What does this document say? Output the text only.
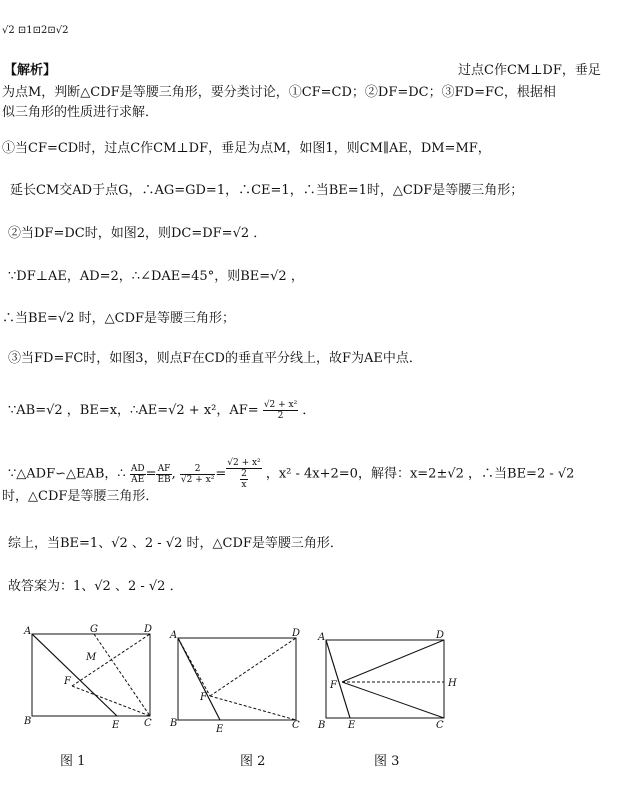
√2 ⊡1⊡2⊡√2
【解析】	过点C作CM⊥DF，垂足
为点M，判断△CDF是等腰三角形，要分类讨论，①CF=CD；②DF=DC；③FD=FC，根据相
似三角形的性质进行求解．
①当CF=CD时，过点C作CM⊥DF，垂足为点M，如图1，则CM∥AE，DM=MF，
延长CM交AD于点G，∴AG=GD=1，∴CE=1，∴当BE=1时，△CDF是等腰三角形；
②当DF=DC时，如图2，则DC=DF=√2 ．
∵DF⊥AE，AD=2，∴∠DAE=45°，则BE=√2 ，
∴当BE=√2 时，△CDF是等腰三角形；
③当FD=FC时，如图3，则点F在CD的垂直平分线上，故F为AE中点．
∵AB=√2 ，BE=x，∴AE=√2 + x²，$AF= \frac{\text{√2 + x²}}{2}$ ．
∵△ADF∽△EAB，∴ $\frac{AD}{AE} = \frac{AF}{EB}$ , $\frac{2}{\text{√2 + x²}} = \frac{\text{√2 + x²}}{\frac{2}{x}}$ ，x² - 4x+2=0，解得：x=2±√2 ，∴当BE=2 - √2
时，△CDF是等腰三角形．
综上，当BE=1、√2 、2 - √2 时，△CDF是等腰三角形．
故答案为：1、√2 、2 - √2 ．
A	G	D
M
F
B	E C
图 1
A	D
F
B
E	C
图 2
A	D
F	H
B E	C
图 3
